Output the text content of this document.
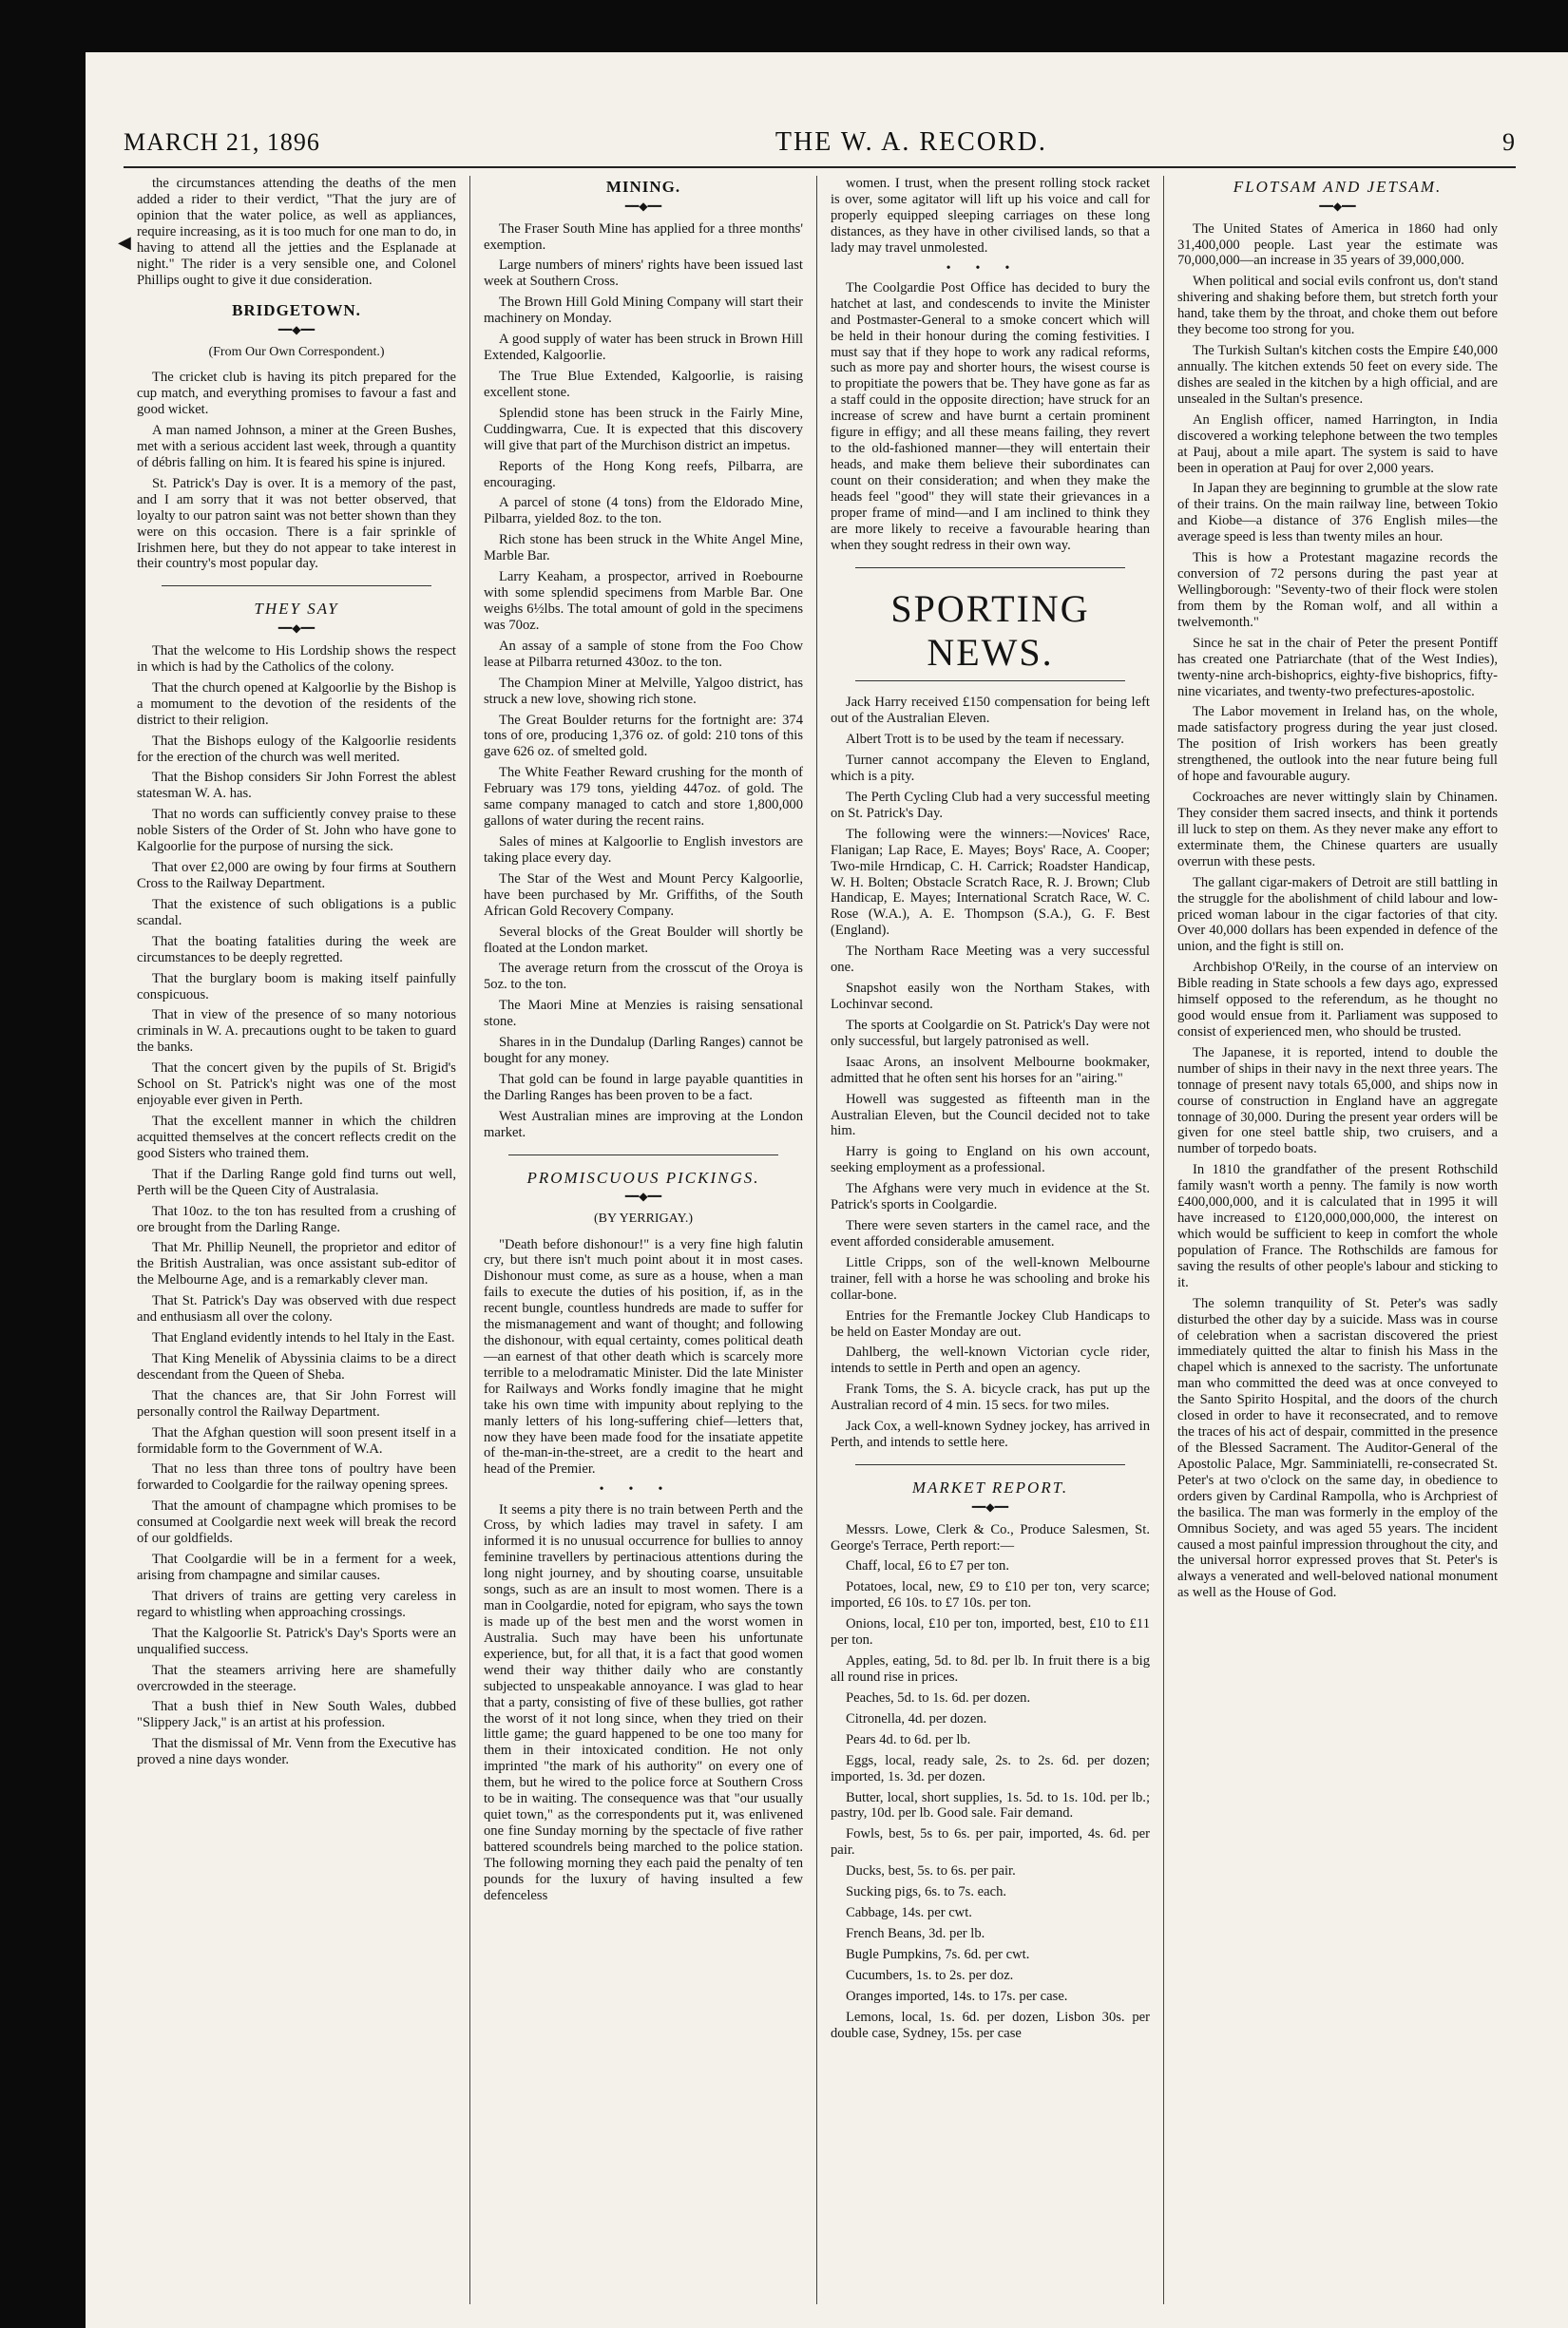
MARCH 21, 1896	THE W. A. RECORD.	9
◀

the circumstances attending the deaths of the men added a rider to their verdict, "That the jury are of opinion that the water police, as well as appliances, require increasing, as it is too much for one man to do, in having to attend all the jetties and the Esplanade at night." The rider is a very sensible one, and Colonel Phillips ought to give it due consideration.

BRIDGETOWN.
━━◆━━
(From Our Own Correspondent.)

The cricket club is having its pitch prepared for the cup match, and everything promises to favour a fast and good wicket.

A man named Johnson, a miner at the Green Bushes, met with a serious accident last week, through a quantity of débris falling on him. It is feared his spine is injured.

St. Patrick's Day is over. It is a memory of the past, and I am sorry that it was not better observed, that loyalty to our patron saint was not better shown than they were on this occasion. There is a fair sprinkle of Irishmen here, but they do not appear to take interest in their country's most popular day.

THEY SAY
━━◆━━

That the welcome to His Lordship shows the respect in which is had by the Catholics of the colony.

That the church opened at Kalgoorlie by the Bishop is a momument to the devotion of the residents of the district to their religion.

That the Bishops eulogy of the Kalgoorlie residents for the erection of the church was well merited.

That the Bishop considers Sir John Forrest the ablest statesman W. A. has.

That no words can sufficiently convey praise to these noble Sisters of the Order of St. John who have gone to Kalgoorlie for the purpose of nursing the sick.

That over £2,000 are owing by four firms at Southern Cross to the Railway Department.

That the existence of such obligations is a public scandal.

That the boating fatalities during the week are circumstances to be deeply regretted.

That the burglary boom is making itself painfully conspicuous.

That in view of the presence of so many notorious criminals in W. A. precautions ought to be taken to guard the banks.

That the concert given by the pupils of St. Brigid's School on St. Patrick's night was one of the most enjoyable ever given in Perth.

That the excellent manner in which the children acquitted themselves at the concert reflects credit on the good Sisters who trained them.

That if the Darling Range gold find turns out well, Perth will be the Queen City of Australasia.

That 10oz. to the ton has resulted from a crushing of ore brought from the Darling Range.

That Mr. Phillip Neunell, the proprietor and editor of the British Australian, was once assistant sub-editor of the Melbourne Age, and is a remarkably clever man.

That St. Patrick's Day was observed with due respect and enthusiasm all over the colony.

That England evidently intends to hel Italy in the East.

That King Menelik of Abyssinia claims to be a direct descendant from the Queen of Sheba.

That the chances are, that Sir John Forrest will personally control the Railway Department.

That the Afghan question will soon present itself in a formidable form to the Government of W.A.

That no less than three tons of poultry have been forwarded to Coolgardie for the railway opening sprees.

That the amount of champagne which promises to be consumed at Coolgardie next week will break the record of our goldfields.

That Coolgardie will be in a ferment for a week, arising from champagne and similar causes.

That drivers of trains are getting very careless in regard to whistling when approaching crossings.

That the Kalgoorlie St. Patrick's Day's Sports were an unqualified success.

That the steamers arriving here are shamefully overcrowded in the steerage.

That a bush thief in New South Wales, dubbed "Slippery Jack," is an artist at his profession.

That the dismissal of Mr. Venn from the Executive has proved a nine days wonder.

MINING.
━━◆━━

The Fraser South Mine has applied for a three months' exemption.

Large numbers of miners' rights have been issued last week at Southern Cross.

The Brown Hill Gold Mining Company will start their machinery on Monday.

A good supply of water has been struck in Brown Hill Extended, Kalgoorlie.

The True Blue Extended, Kalgoorlie, is raising excellent stone.

Splendid stone has been struck in the Fairly Mine, Cuddingwarra, Cue. It is expected that this discovery will give that part of the Murchison district an impetus.

Reports of the Hong Kong reefs, Pilbarra, are encouraging.

A parcel of stone (4 tons) from the Eldorado Mine, Pilbarra, yielded 8oz. to the ton.

Rich stone has been struck in the White Angel Mine, Marble Bar.

Larry Keaham, a prospector, arrived in Roebourne with some splendid specimens from Marble Bar. One weighs 6½lbs. The total amount of gold in the specimens was 70oz.

An assay of a sample of stone from the Foo Chow lease at Pilbarra returned 430oz. to the ton.

The Champion Miner at Melville, Yalgoo district, has struck a new love, showing rich stone.

The Great Boulder returns for the fortnight are: 374 tons of ore, producing 1,376 oz. of gold: 210 tons of this gave 626 oz. of smelted gold.

The White Feather Reward crushing for the month of February was 179 tons, yielding 447oz. of gold. The same company managed to catch and store 1,800,000 gallons of water during the recent rains.

Sales of mines at Kalgoorlie to English investors are taking place every day.

The Star of the West and Mount Percy Kalgoorlie, have been purchased by Mr. Griffiths, of the South African Gold Recovery Company.

Several blocks of the Great Boulder will shortly be floated at the London market.

The average return from the crosscut of the Oroya is 5oz. to the ton.

The Maori Mine at Menzies is raising sensational stone.

Shares in in the Dundalup (Darling Ranges) cannot be bought for any money.

That gold can be found in large payable quantities in the Darling Ranges has been proven to be a fact.

West Australian mines are improving at the London market.

PROMISCUOUS PICKINGS.
━━◆━━
(BY YERRIGAY.)

"Death before dishonour!" is a very fine high falutin cry, but there isn't much point about it in most cases. Dishonour must come, as sure as a house, when a man fails to execute the duties of his position, if, as in the recent bungle, countless hundreds are made to suffer for the mismanagement and want of thought; and following the dishonour, with equal certainty, comes political death—an earnest of that other death which is scarcely more terrible to a melodramatic Minister. Did the late Minister for Railways and Works fondly imagine that he might take his own time with impunity about replying to the manly letters of his long-suffering chief—letters that, now they have been made food for the insatiate appetite of the-man-in-the-street, are a credit to the heart and head of the Premier.

•••

It seems a pity there is no train between Perth and the Cross, by which ladies may travel in safety. I am informed it is no unusual occurrence for bullies to annoy feminine travellers by pertinacious attentions during the long night journey, and by shouting coarse, unsuitable songs, such as are an insult to most women. There is a man in Coolgardie, noted for epigram, who says the town is made up of the best men and the worst women in Australia. Such may have been his unfortunate experience, but, for all that, it is a fact that good women wend their way thither daily who are constantly subjected to unspeakable annoyance. I was glad to hear that a party, consisting of five of these bullies, got rather the worst of it not long since, when they tried on their little game; the guard happened to be one too many for them in their intoxicated condition. He not only imprinted "the mark of his authority" on every one of them, but he wired to the police force at Southern Cross to be in waiting. The consequence was that "our usually quiet town," as the correspondents put it, was enlivened one fine Sunday morning by the spectacle of five rather battered scoundrels being marched to the police station. The following morning they each paid the penalty of ten pounds for the luxury of having insulted a few defenceless

women. I trust, when the present rolling stock racket is over, some agitator will lift up his voice and call for properly equipped sleeping carriages on these long distances, as they have in other civilised lands, so that a lady may travel unmolested.

•••

The Coolgardie Post Office has decided to bury the hatchet at last, and condescends to invite the Minister and Postmaster-General to a smoke concert which will be held in their honour during the coming festivities. I must say that if they hope to work any radical reforms, such as more pay and shorter hours, the wisest course is to propitiate the powers that be. They have gone as far as a staff could in the opposite direction; have struck for an increase of screw and have burnt a certain prominent figure in effigy; and all these means failing, they revert to the old-fashioned manner—they will entertain their heads, and make them believe their subordinates can count on their consideration; and when they make the heads feel "good" they will state their grievances in a proper frame of mind—and I am inclined to think they are more likely to receive a favourable hearing than when they sought redress in their own way.

SPORTING NEWS.

Jack Harry received £150 compensation for being left out of the Australian Eleven.

Albert Trott is to be used by the team if necessary.

Turner cannot accompany the Eleven to England, which is a pity.

The Perth Cycling Club had a very successful meeting on St. Patrick's Day.

The following were the winners:—Novices' Race, Flanigan; Lap Race, E. Mayes; Boys' Race, A. Cooper; Two-mile Hrndicap, C. H. Carrick; Roadster Handicap, W. H. Bolten; Obstacle Scratch Race, R. J. Brown; Club Handicap, E. Mayes; International Scratch Race, W. C. Rose (W.A.), A. E. Thompson (S.A.), G. F. Best (England).

The Northam Race Meeting was a very successful one.

Snapshot easily won the Northam Stakes, with Lochinvar second.

The sports at Coolgardie on St. Patrick's Day were not only successful, but largely patronised as well.

Isaac Arons, an insolvent Melbourne bookmaker, admitted that he often sent his horses for an "airing."

Howell was suggested as fifteenth man in the Australian Eleven, but the Council decided not to take him.

Harry is going to England on his own account, seeking employment as a professional.

The Afghans were very much in evidence at the St. Patrick's sports in Coolgardie.

There were seven starters in the camel race, and the event afforded considerable amusement.

Little Cripps, son of the well-known Melbourne trainer, fell with a horse he was schooling and broke his collar-bone.

Entries for the Fremantle Jockey Club Handicaps to be held on Easter Monday are out.

Dahlberg, the well-known Victorian cycle rider, intends to settle in Perth and open an agency.

Frank Toms, the S. A. bicycle crack, has put up the Australian record of 4 min. 15 secs. for two miles.

Jack Cox, a well-known Sydney jockey, has arrived in Perth, and intends to settle here.

MARKET REPORT.
━━◆━━

Messrs. Lowe, Clerk & Co., Produce Salesmen, St. George's Terrace, Perth report:—

Chaff, local, £6 to £7 per ton.

Potatoes, local, new, £9 to £10 per ton, very scarce; imported, £6 10s. to £7 10s. per ton.

Onions, local, £10 per ton, imported, best, £10 to £11 per ton.

Apples, eating, 5d. to 8d. per lb. In fruit there is a big all round rise in prices.

Peaches, 5d. to 1s. 6d. per dozen.

Citronella, 4d. per dozen.

Pears 4d. to 6d. per lb.

Eggs, local, ready sale, 2s. to 2s. 6d. per dozen; imported, 1s. 3d. per dozen.

Butter, local, short supplies, 1s. 5d. to 1s. 10d. per lb.; pastry, 10d. per lb. Good sale. Fair demand.

Fowls, best, 5s to 6s. per pair, imported, 4s. 6d. per pair.

Ducks, best, 5s. to 6s. per pair.

Sucking pigs, 6s. to 7s. each.

Cabbage, 14s. per cwt.

French Beans, 3d. per lb.

Bugle Pumpkins, 7s. 6d. per cwt.

Cucumbers, 1s. to 2s. per doz.

Oranges imported, 14s. to 17s. per case.

Lemons, local, 1s. 6d. per dozen, Lisbon 30s. per double case, Sydney, 15s. per case

FLOTSAM AND JETSAM.
━━◆━━

The United States of America in 1860 had only 31,400,000 people. Last year the estimate was 70,000,000—an increase in 35 years of 39,000,000.

When political and social evils confront us, don't stand shivering and shaking before them, but stretch forth your hand, take them by the throat, and choke them out before they become too strong for you.

The Turkish Sultan's kitchen costs the Empire £40,000 annually. The kitchen extends 50 feet on every side. The dishes are sealed in the kitchen by a high official, and are unsealed in the Sultan's presence.

An English officer, named Harrington, in India discovered a working telephone between the two temples at Pauj, about a mile apart. The system is said to have been in operation at Pauj for over 2,000 years.

In Japan they are beginning to grumble at the slow rate of their trains. On the main railway line, between Tokio and Kiobe—a distance of 376 English miles—the average speed is less than twenty miles an hour.

This is how a Protestant magazine records the conversion of 72 persons during the past year at Wellingborough: "Seventy-two of their flock were stolen from them by the Roman wolf, and all within a twelvemonth."

Since he sat in the chair of Peter the present Pontiff has created one Patriarchate (that of the West Indies), twenty-nine arch-bishoprics, eighty-five bishoprics, fifty-nine vicariates, and twenty-two prefectures-apostolic.

The Labor movement in Ireland has, on the whole, made satisfactory progress during the year just closed. The position of Irish workers has been greatly strengthened, the outlook into the near future being full of hope and favourable augury.

Cockroaches are never wittingly slain by Chinamen. They consider them sacred insects, and think it portends ill luck to step on them. As they never make any effort to exterminate them, the Chinese quarters are usually overrun with these pests.

The gallant cigar-makers of Detroit are still battling in the struggle for the abolishment of child labour and low-priced woman labour in the cigar factories of that city. Over 40,000 dollars has been expended in defence of the union, and the fight is still on.

Archbishop O'Reily, in the course of an interview on Bible reading in State schools a few days ago, expressed himself opposed to the referendum, as he thought no good would ensue from it. Parliament was supposed to consist of experienced men, who should be trusted.

The Japanese, it is reported, intend to double the number of ships in their navy in the next three years. The tonnage of present navy totals 65,000, and ships now in course of construction in England have an aggregate tonnage of 30,000. During the present year orders will be given for one steel battle ship, two cruisers, and a number of torpedo boats.

In 1810 the grandfather of the present Rothschild family wasn't worth a penny. The family is now worth £400,000,000, and it is calculated that in 1995 it will have increased to £120,000,000,000, the interest on which would be sufficient to keep in comfort the whole population of France. The Rothschilds are famous for saving the results of other people's labour and sticking to it.

The solemn tranquility of St. Peter's was sadly disturbed the other day by a suicide. Mass was in course of celebration when a sacristan discovered the priest immediately quitted the altar to finish his Mass in the chapel which is annexed to the sacristy. The unfortunate man who committed the deed was at once conveyed to the Santo Spirito Hospital, and the doors of the church closed in order to have it reconsecrated, and to remove the traces of his act of despair, committed in the presence of the Blessed Sacrament. The Auditor-General of the Apostolic Palace, Mgr. Samminiatelli, re-consecrated St. Peter's at two o'clock on the same day, in obedience to orders given by Cardinal Rampolla, who is Archpriest of the basilica. The man was formerly in the employ of the Omnibus Society, and was aged 55 years. The incident caused a most painful impression throughout the city, and the universal horror expressed proves that St. Peter's is always a venerated and well-beloved national monument as well as the House of God.
